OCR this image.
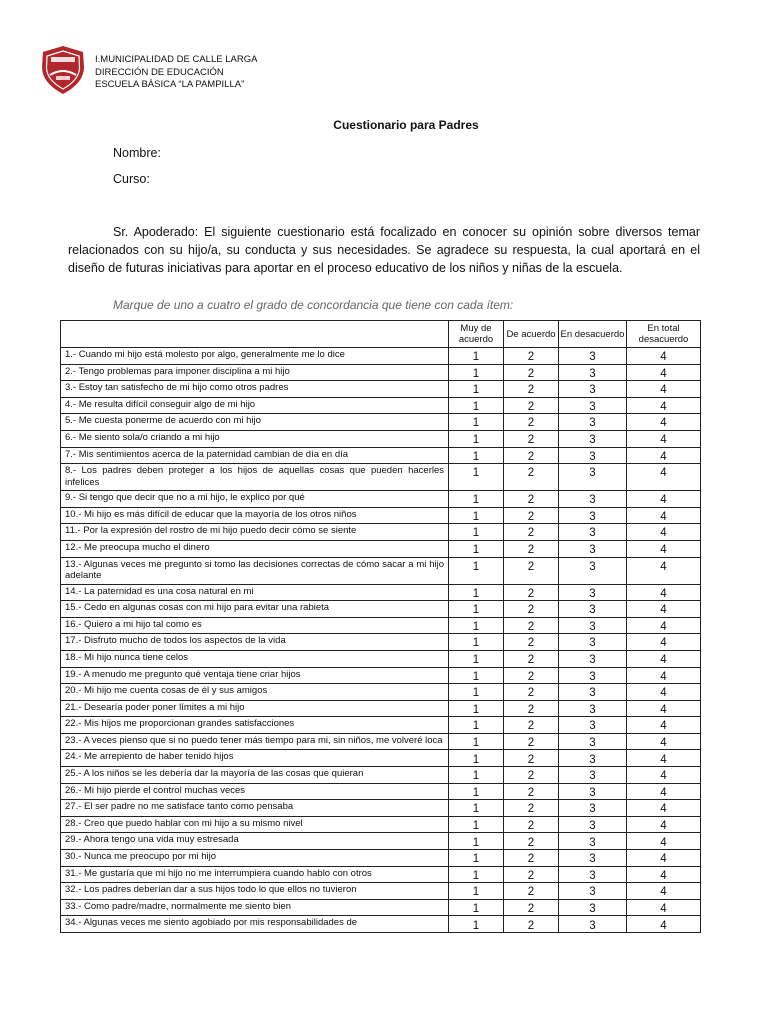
I.MUNICIPALIDAD DE CALLE LARGA
DIRECCIÓN DE EDUCACIÓN
ESCUELA BÁSICA “LA PAMPILLA”
Cuestionario para Padres
Nombre:
Curso:
Sr. Apoderado: El siguiente cuestionario está focalizado en conocer su opinión sobre diversos temar relacionados con su hijo/a, su conducta y sus necesidades. Se agradece su respuesta, la cual aportará en el diseño de futuras iniciativas para aportar en el proceso educativo de los niños y niñas de la escuela.
Marque de uno a cuatro el grado de concordancia que tiene con cada ítem:
	Muy de acuerdo	De acuerdo	En desacuerdo	En total desacuerdo
1.- Cuando mi hijo está molesto por algo, generalmente me lo dice	1	2	3	4
2.- Tengo problemas para imponer disciplina a mi hijo	1	2	3	4
3.- Estoy tan satisfecho de mi hijo como otros padres	1	2	3	4
4.- Me resulta difícil conseguir algo de mi hijo	1	2	3	4
5.- Me cuesta ponerme de acuerdo con mi hijo	1	2	3	4
6.- Me siento sola/o criando a mi hijo	1	2	3	4
7.- Mis sentimientos acerca de la paternidad cambian de día en día	1	2	3	4
8.- Los padres deben proteger a los hijos de aquellas cosas que pueden hacerles infelices	1	2	3	4
9.- Si tengo que decir que no a mi hijo, le explico por qué	1	2	3	4
10.- Mi hijo es más difícil de educar que la mayoría de los otros niños	1	2	3	4
11.- Por la expresión del rostro de mi hijo puedo decir cómo se siente	1	2	3	4
12.- Me preocupa mucho el dinero	1	2	3	4
13.- Algunas veces me pregunto si tomo las decisiones correctas de cómo sacar a mi hijo adelante	1	2	3	4
14.- La paternidad es una cosa natural en mi	1	2	3	4
15.- Cedo en algunas cosas con mi hijo para evitar una rabieta	1	2	3	4
16.- Quiero a mi hijo tal como es	1	2	3	4
17.- Disfruto mucho de todos los aspectos de la vida	1	2	3	4
18.- Mi hijo nunca tiene celos	1	2	3	4
19.- A menudo me pregunto qué ventaja tiene criar hijos	1	2	3	4
20.- Mi hijo me cuenta cosas de él y sus amigos	1	2	3	4
21.- Desearía poder poner límites a mi hijo	1	2	3	4
22.- Mis hijos me proporcionan grandes satisfacciones	1	2	3	4
23.- A veces pienso que si no puedo tener más tiempo para mi, sin niños, me volveré loca	1	2	3	4
24.- Me arrepiento de haber tenido hijos	1	2	3	4
25.- A los niños se les debería dar la mayoría de las cosas que quieran	1	2	3	4
26.- Mi hijo pierde el control muchas veces	1	2	3	4
27.- El ser padre no me satisface tanto como pensaba	1	2	3	4
28.- Creo que puedo hablar con mi hijo a su mismo nivel	1	2	3	4
29.- Ahora tengo una vida muy estresada	1	2	3	4
30.- Nunca me preocupo por mi hijo	1	2	3	4
31.- Me gustaría que mi hijo no me interrumpiera cuando hablo con otros	1	2	3	4
32.- Los padres deberían dar a sus hijos todo lo que ellos no tuvieron	1	2	3	4
33.- Como padre/madre, normalmente me siento bien	1	2	3	4
34.- Algunas veces me siento agobiado por mis responsabilidades de	1	2	3	4
